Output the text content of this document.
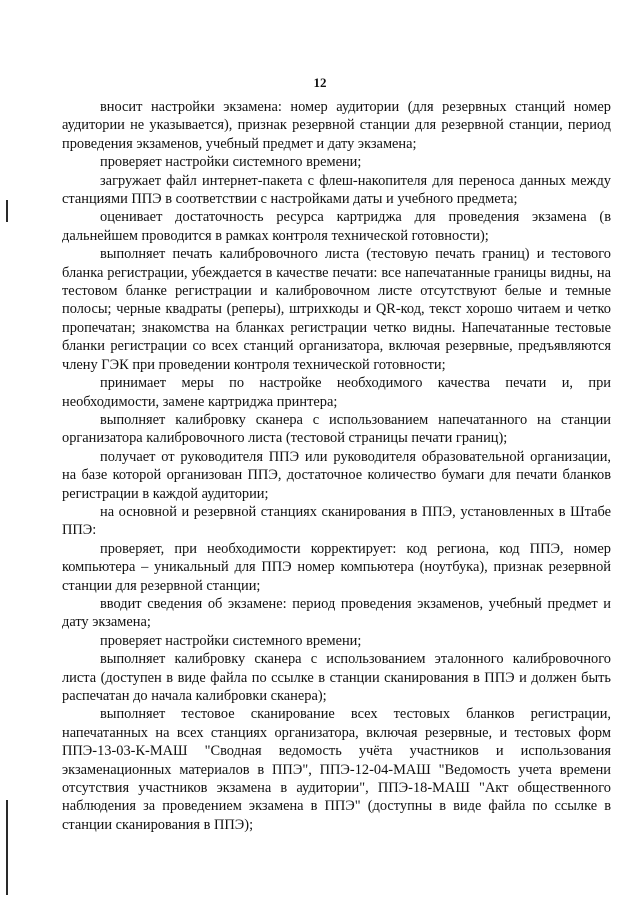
12

вносит настройки экзамена: номер аудитории (для резервных станций номер аудитории не указывается), признак резервной станции для резервной станции, период проведения экзаменов, учебный предмет и дату экзамена;

проверяет настройки системного времени;

загружает файл интернет-пакета с флеш-накопителя для переноса данных между станциями ППЭ в соответствии с настройками даты и учебного предмета;

оценивает достаточность ресурса картриджа для проведения экзамена (в дальнейшем проводится в рамках контроля технической готовности);

выполняет печать калибровочного листа (тестовую печать границ) и тестового бланка регистрации, убеждается в качестве печати: все напечатанные границы видны, на тестовом бланке регистрации и калибровочном листе отсутствуют белые и темные полосы; черные квадраты (реперы), штрихкоды и QR-код, текст хорошо читаем и четко пропечатан; знакомства на бланках регистрации четко видны. Напечатанные тестовые бланки регистрации со всех станций организатора, включая резервные, предъявляются члену ГЭК при проведении контроля технической готовности;

принимает меры по настройке необходимого качества печати и, при необходимости, замене картриджа принтера;

выполняет калибровку сканера с использованием напечатанного на станции организатора калибровочного листа (тестовой страницы печати границ);

получает от руководителя ППЭ или руководителя образовательной организации, на базе которой организован ППЭ, достаточное количество бумаги для печати бланков регистрации в каждой аудитории;

на основной и резервной станциях сканирования в ППЭ, установленных в Штабе ППЭ:

проверяет, при необходимости корректирует: код региона, код ППЭ, номер компьютера – уникальный для ППЭ номер компьютера (ноутбука), признак резервной станции для резервной станции;

вводит сведения об экзамене: период проведения экзаменов, учебный предмет и дату экзамена;

проверяет настройки системного времени;

выполняет калибровку сканера с использованием эталонного калибровочного листа (доступен в виде файла по ссылке в станции сканирования в ППЭ и должен быть распечатан до начала калибровки сканера);

выполняет тестовое сканирование всех тестовых бланков регистрации, напечатанных на всех станциях организатора, включая резервные, и тестовых форм ППЭ-13-03-К-МАШ "Сводная ведомость учёта участников и использования экзаменационных материалов в ППЭ", ППЭ-12-04-МАШ "Ведомость учета времени отсутствия участников экзамена в аудитории", ППЭ-18-МАШ "Акт общественного наблюдения за проведением экзамена в ППЭ" (доступны в виде файла по ссылке в станции сканирования в ППЭ);
